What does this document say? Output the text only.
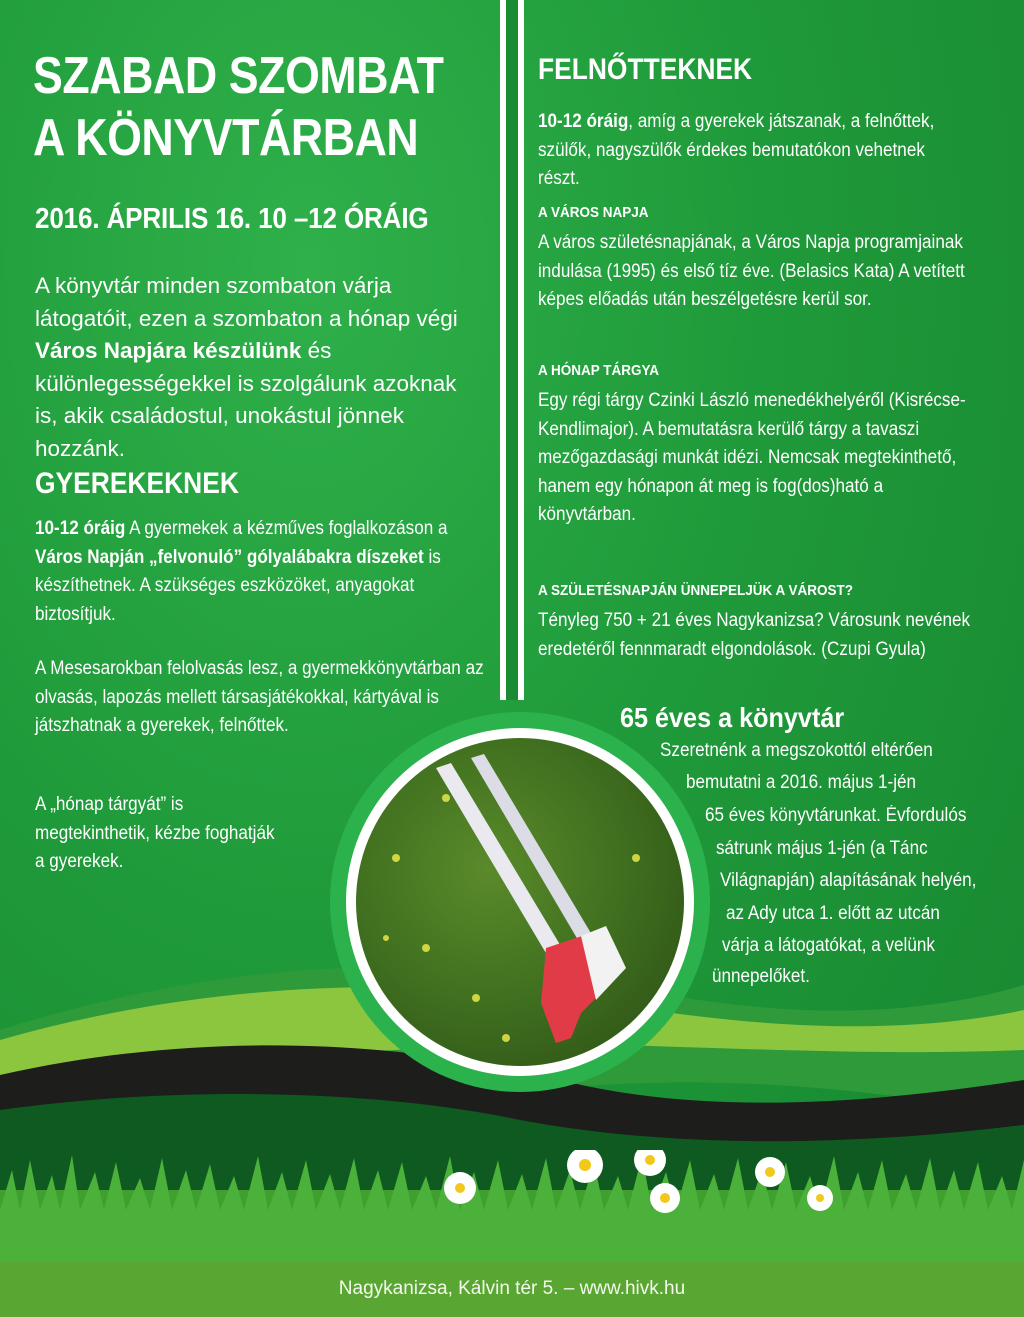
SZABAD SZOMBAT
A KÖNYVTÁRBAN
2016. ÁPRILIS 16. 10 –12 ÓRÁIG

A könyvtár minden szombaton várja látogatóit, ezen a szombaton a hónap végi Város Napjára készülünk és különlegességekkel is szolgálunk azoknak is, akik családostul, unokástul jönnek hozzánk.

GYEREKEKNEK

10-12 óráig A gyermekek a kézműves foglalkozáson a Város Napján „felvonuló” gólyalábakra díszeket is készíthetnek. A szükséges eszközöket, anyagokat biztosítjuk.

A Mesesarokban felolvasás lesz, a gyermekkönyvtárban az olvasás, lapozás mellett társasjátékokkal, kártyával is játszhatnak a gyerekek, felnőttek.

A „hónap tárgyát” is megtekinthetik, kézbe foghatják a gyerekek.

FELNŐTTEKNEK

10-12 óráig, amíg a gyerekek játszanak, a felnőttek, szülők, nagyszülők érdekes bemutatókon vehetnek részt.

A VÁROS NAPJA

A város születésnapjának, a Város Napja programjainak indulása (1995) és első tíz éve. (Belasics Kata) A vetített képes előadás után beszélgetésre kerül sor.

A HÓNAP TÁRGYA

Egy régi tárgy Czinki László menedékhelyéről (Kisrécse-Kendlimajor). A bemutatásra kerülő tárgy a tavaszi mezőgazdasági munkát idézi. Nemcsak megtekinthető, hanem egy hónapon át meg is fog(dos)ható a könyvtárban.

A SZÜLETÉSNAPJÁN ÜNNEPELJÜK A VÁROST?

Tényleg 750 + 21 éves Nagykanizsa? Városunk nevének eredetéről fennmaradt elgondolások. (Czupi Gyula)

65 éves a könyvtár
Szeretnénk a megszokottól eltérően
bemutatni a 2016. május 1-jén
65 éves könyvtárunkat. Évfordulós
sátrunk május 1-jén (a Tánc
Világnapján) alapításának helyén,
az Ady utca 1. előtt az utcán
várja a látogatókat, a velünk
ünnepelőket.
Nagykanizsa, Kálvin tér 5. – www.hivk.hu
